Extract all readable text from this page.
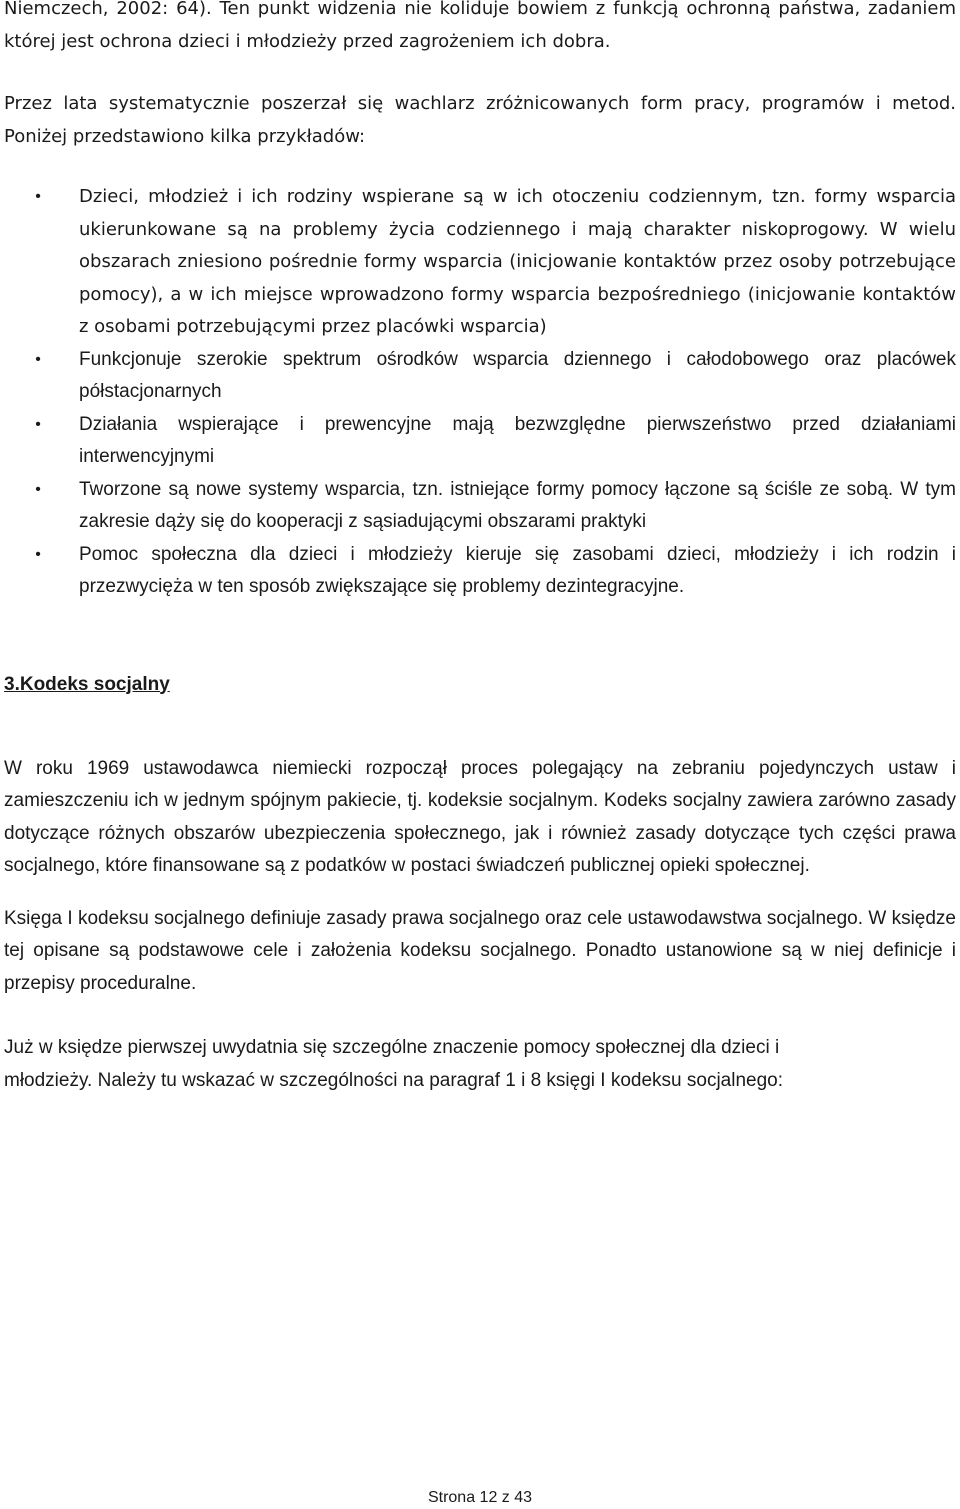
Niemczech, 2002: 64). Ten punkt widzenia nie koliduje bowiem z funkcją ochronną państwa, zadaniem której jest ochrona dzieci i młodzieży przed zagrożeniem ich dobra.

Przez lata systematycznie poszerzał się wachlarz zróżnicowanych form pracy, programów i metod. Poniżej przedstawiono kilka przykładów:

•	Dzieci, młodzież i ich rodziny wspierane są w ich otoczeniu codziennym, tzn. formy wsparcia ukierunkowane są na problemy życia codziennego i mają charakter niskoprogowy. W wielu obszarach zniesiono pośrednie formy wsparcia (inicjowanie kontaktów przez osoby potrzebujące pomocy), a w ich miejsce wprowadzono formy wsparcia bezpośredniego (inicjowanie kontaktów z osobami potrzebującymi przez placówki wsparcia)
•	Funkcjonuje szerokie spektrum ośrodków wsparcia dziennego i całodobowego oraz placówek półstacjonarnych
•	Działania wspierające i prewencyjne mają bezwzględne pierwszeństwo przed działaniami interwencyjnymi
•	Tworzone są nowe systemy wsparcia, tzn. istniejące formy pomocy łączone są ściśle ze sobą. W tym zakresie dąży się do kooperacji z sąsiadującymi obszarami praktyki
•	Pomoc społeczna dla dzieci i młodzieży kieruje się zasobami dzieci, młodzieży i ich rodzin i przezwycięża w ten sposób zwiększające się problemy dezintegracyjne.
3.Kodeks socjalny

W roku 1969 ustawodawca niemiecki rozpoczął proces polegający na zebraniu pojedynczych ustaw i zamieszczeniu ich w jednym spójnym pakiecie, tj. kodeksie socjalnym. Kodeks socjalny zawiera zarówno zasady dotyczące różnych obszarów ubezpieczenia społecznego, jak i również zasady dotyczące tych części prawa socjalnego, które finansowane są z podatków w postaci świadczeń publicznej opieki społecznej.

Księga I kodeksu socjalnego definiuje zasady prawa socjalnego oraz cele ustawodawstwa socjalnego. W księdze tej opisane są podstawowe cele i założenia kodeksu socjalnego. Ponadto ustanowione są w niej definicje i przepisy proceduralne.

Już w księdze pierwszej uwydatnia się szczególne znaczenie pomocy społecznej dla dzieci i
młodzieży. Należy tu wskazać w szczególności na paragraf 1 i 8 księgi I kodeksu socjalnego:

Strona 12 z 43
